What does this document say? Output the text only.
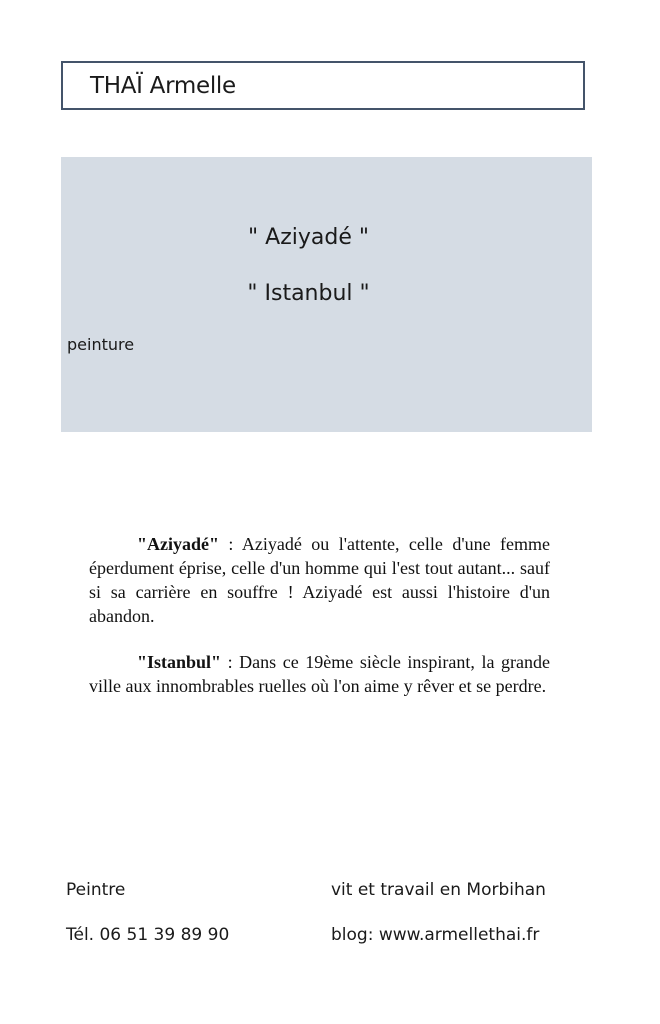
THAÏ Armelle
" Aziyadé "
" Istanbul "
peinture

"Aziyadé" : Aziyadé ou l'attente, celle d'une femme éperdument éprise, celle d'un homme qui l'est tout autant... sauf si sa carrière en souffre ! Aziyadé est aussi l'histoire d'un abandon.

"Istanbul" : Dans ce 19ème siècle inspirant, la grande ville aux innombrables ruelles où l'on aime y rêver et se perdre.

Peintre	vit et travail en Morbihan
Tél. 06 51 39 89 90	blog: www.armellethai.fr
